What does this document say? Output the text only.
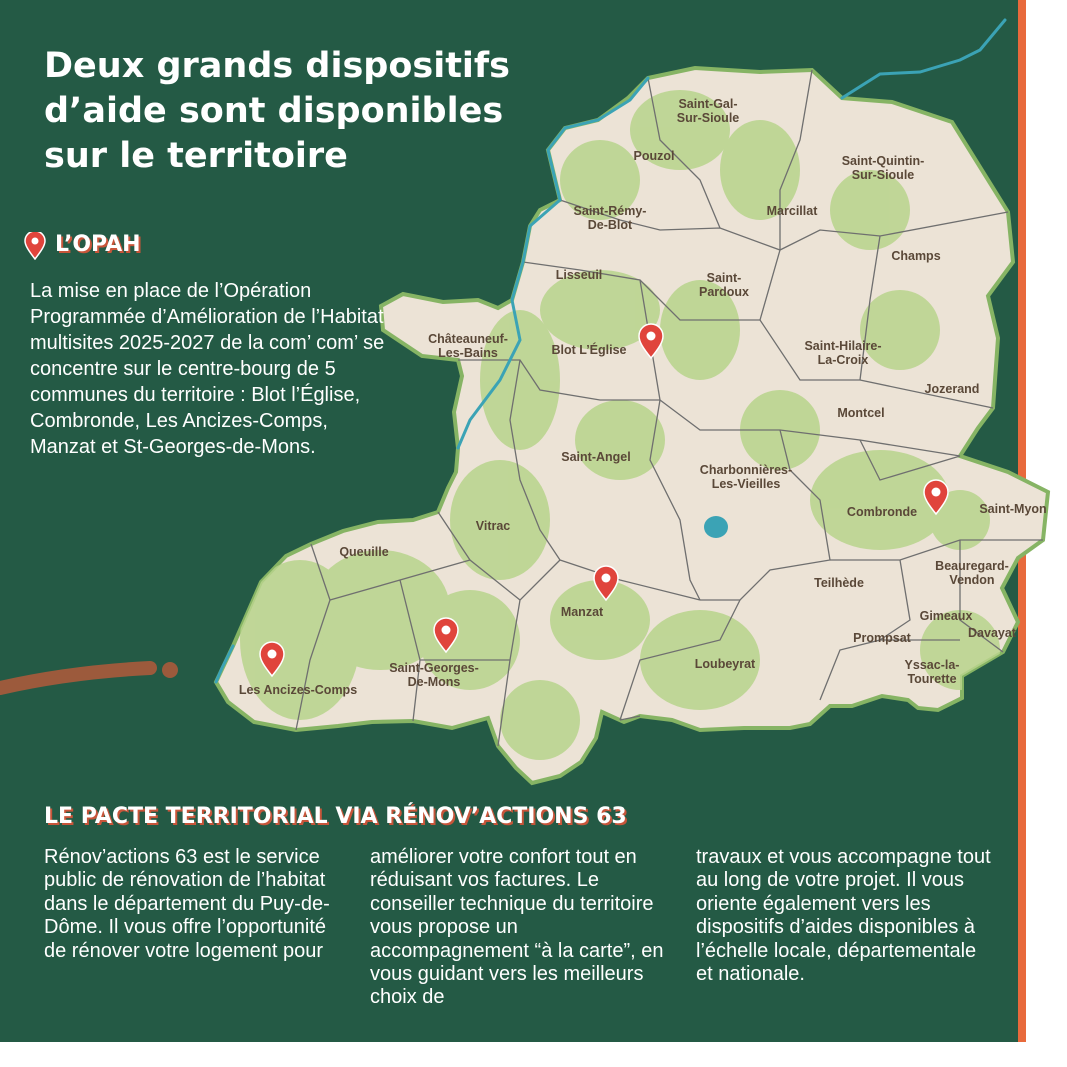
Saint-Gal-Sur-Sioule
Pouzol	Saint-Quintin-Sur-Sioule
Saint-Rémy-De-Blot
Marcillat
Champs
Lisseuil	Saint-Pardoux
Châteauneuf-Les-Bains	Blot L’Église	Saint-Hilaire-La-Croix
Jozerand
Montcel
Saint-Angel
Charbonnières-Les-Vieilles
Combronde	Saint-Myon
Vitrac
Queuille
Beauregard-Vendon
Teilhède
Manzat	Gimeaux
Davayat
Prompsat
Saint-Georges-De-Mons
Loubeyrat	Yssac-la-Tourette
Les Ancizes-Comps
Deux grands dispositifs d’aide sont disponibles sur le territoire
L’OPAH

La mise en place de l’Opération Programmée d’Amélioration de l’Habitat multisites 2025-2027 de la com’ com’ se concentre sur le centre-bourg de 5 communes du territoire : Blot l’Église, Combronde, Les Ancizes-Comps, Manzat et St-Georges-de-Mons.

LE PACTE TERRITORIAL VIA RÉNOV’ACTIONS 63

Rénov’actions 63 est le service public de rénovation de l’habitat dans le département du Puy-de-Dôme. Il vous offre l’opportunité de rénover votre logement pour

améliorer votre confort tout en réduisant vos factures. Le conseiller technique du territoire vous propose un accompagnement “à la carte”, en vous guidant vers les meilleurs choix de

travaux et vous accompagne tout au long de votre projet. Il vous oriente également vers les dispositifs d’aides disponibles à l’échelle locale, départementale et nationale.
